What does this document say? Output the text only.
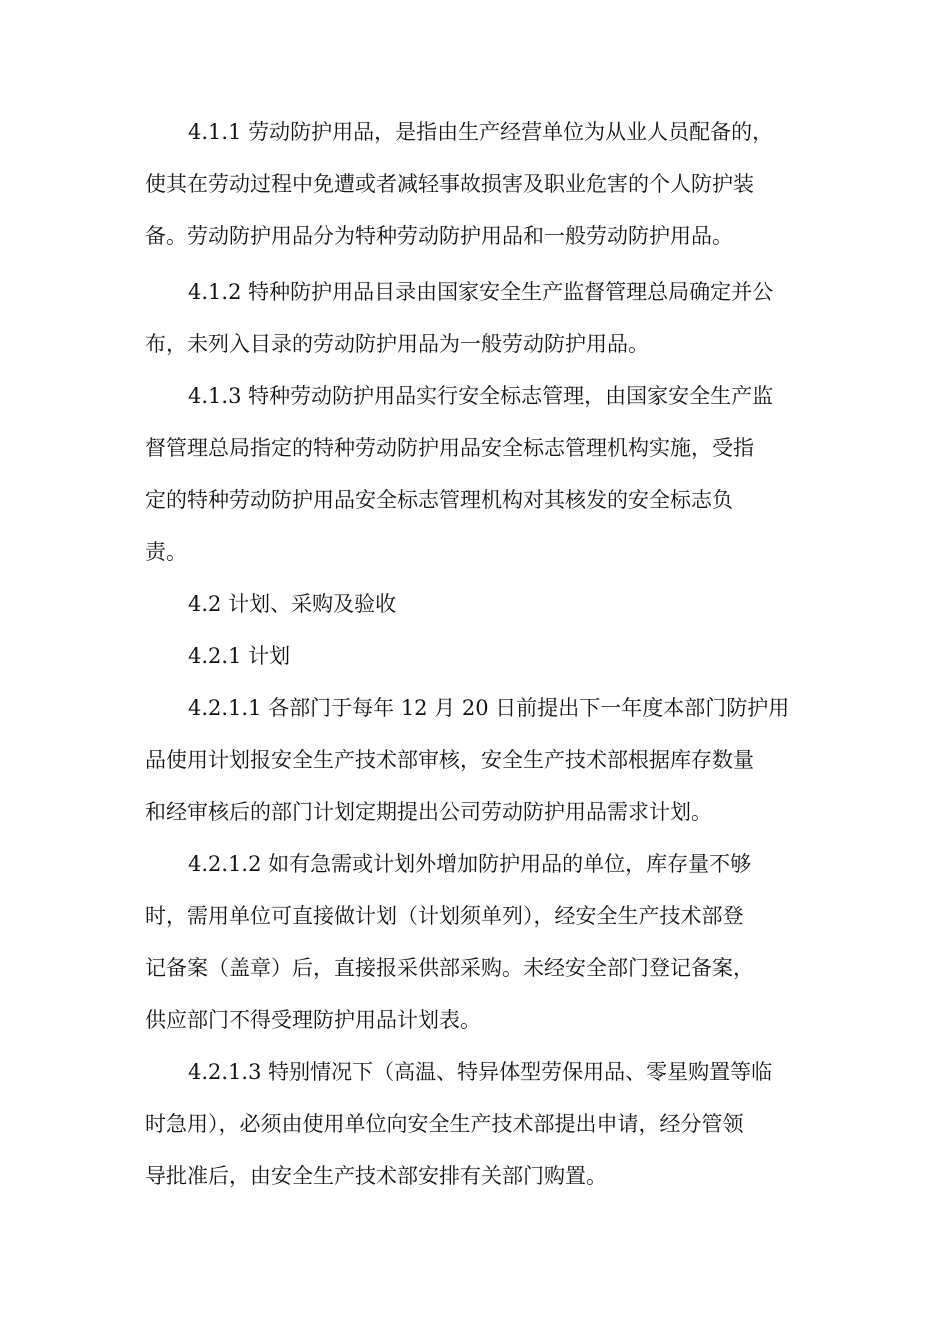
4.1.1 劳动防护用品，是指由生产经营单位为从业人员配备的，
使其在劳动过程中免遭或者减轻事故损害及职业危害的个人防护装
备。劳动防护用品分为特种劳动防护用品和一般劳动防护用品。
4.1.2 特种防护用品目录由国家安全生产监督管理总局确定并公
布，未列入目录的劳动防护用品为一般劳动防护用品。
4.1.3 特种劳动防护用品实行安全标志管理，由国家安全生产监
督管理总局指定的特种劳动防护用品安全标志管理机构实施，受指
定的特种劳动防护用品安全标志管理机构对其核发的安全标志负
责。
4.2 计划、采购及验收
4.2.1 计划
4.2.1.1 各部门于每年 12 月 20 日前提出下一年度本部门防护用
品使用计划报安全生产技术部审核，安全生产技术部根据库存数量
和经审核后的部门计划定期提出公司劳动防护用品需求计划。
4.2.1.2 如有急需或计划外增加防护用品的单位，库存量不够
时，需用单位可直接做计划（计划须单列），经安全生产技术部登
记备案（盖章）后，直接报采供部采购。未经安全部门登记备案，
供应部门不得受理防护用品计划表。
4.2.1.3 特别情况下（高温、特异体型劳保用品、零星购置等临
时急用），必须由使用单位向安全生产技术部提出申请，经分管领
导批准后，由安全生产技术部安排有关部门购置。
